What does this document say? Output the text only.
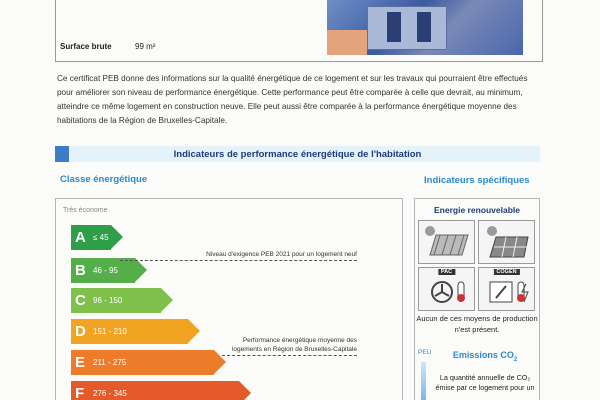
Surface brute	99 m²
Ce certificat PEB donne des informations sur la qualité énergétique de ce logement et sur les travaux qui pourraient être effectués pour améliorer son niveau de performance énergétique. Cette performance peut être comparée à celle que devrait, au minimum, atteindre ce même logement en construction neuve. Elle peut aussi être comparée à la performance énergétique moyenne des habitations de la Région de Bruxelles-Capitale.
Indicateurs de performance énergétique de l'habitation
Classe énergétique	Indicateurs spécifiques
Très économe
A ≤ 45
B 46 - 95
C 96 - 150
D 151 - 210
E 211 - 275
F	276 - 345
Niveau d'exigence PEB 2021 pour un logement neuf
Performance énergétique moyenne des
logements en Région de Bruxelles-Capitale
Energie renouvelable
PAC	COGEN
Aucun de ces moyens de production n'est présent.
PEU	Emissions $CO_2$
La quantité annuelle de CO₂ émise par ce logement pour un
